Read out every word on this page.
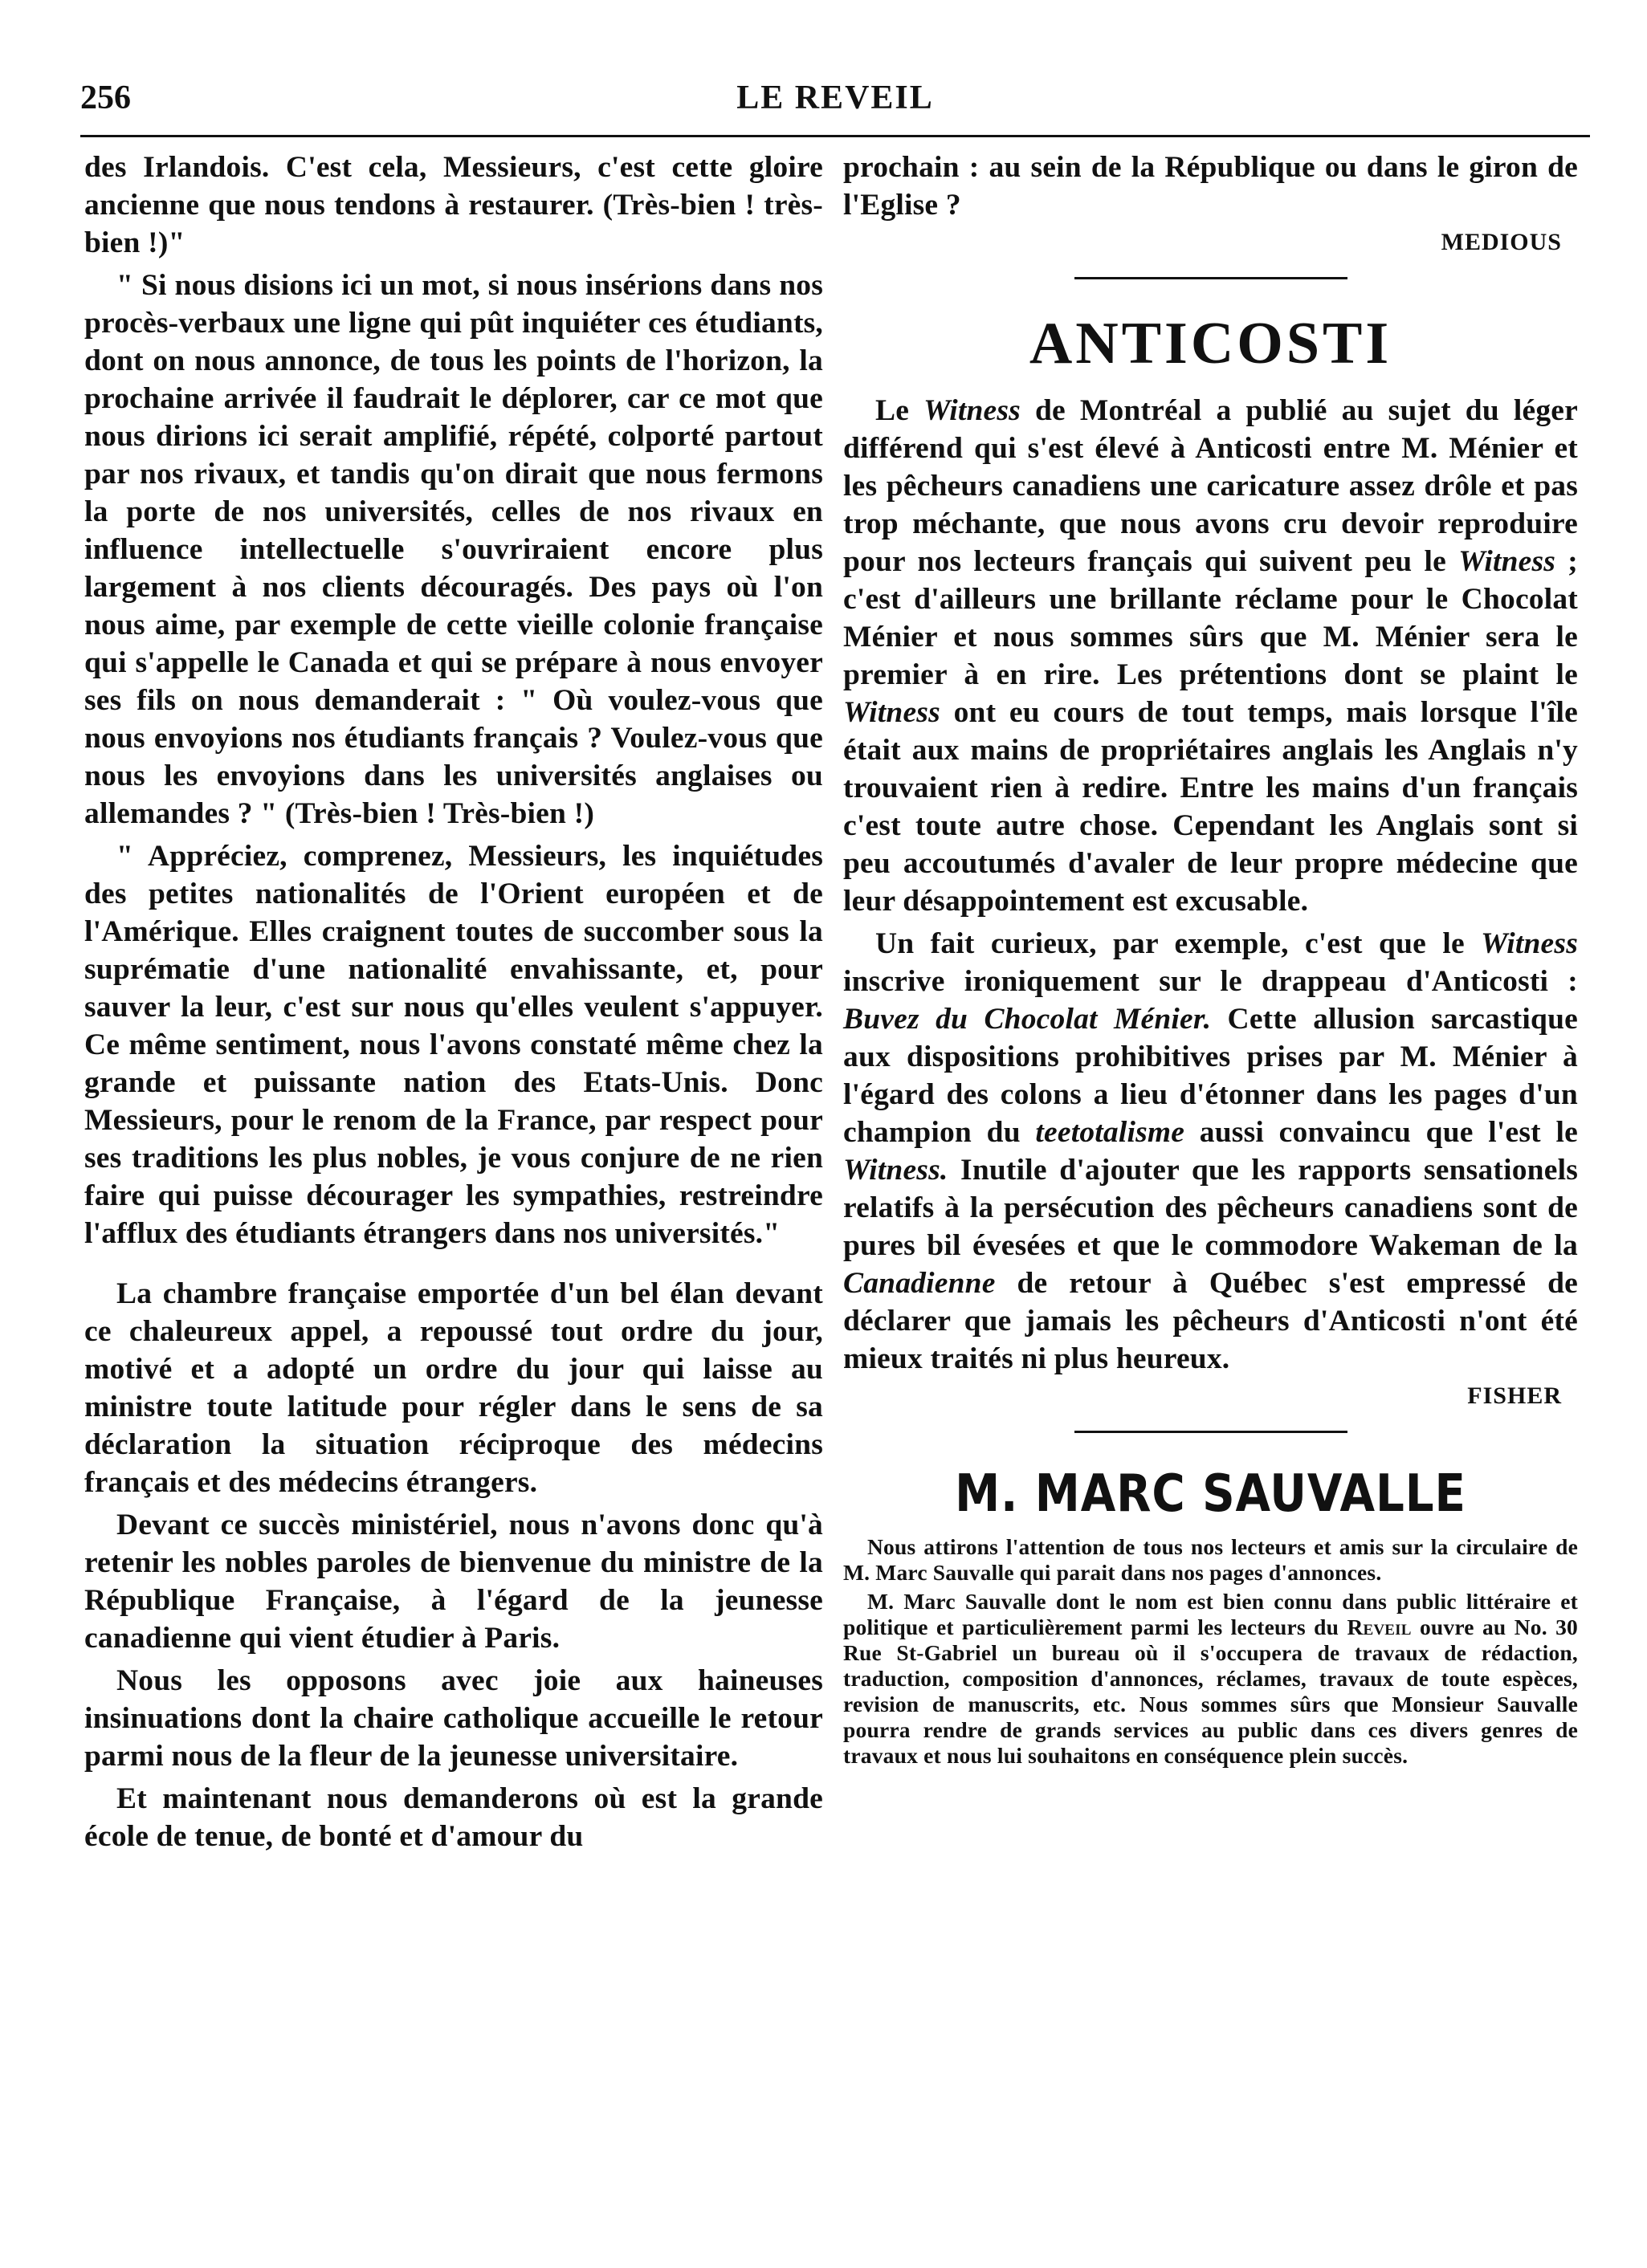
256	LE REVEIL

des Irlandois. C'est cela, Messieurs, c'est cette gloire ancienne que nous tendons à restaurer. (Très-bien ! très-bien !)"

" Si nous disions ici un mot, si nous insérions dans nos procès-verbaux une ligne qui pût inquiéter ces étudiants, dont on nous annonce, de tous les points de l'horizon, la prochaine arrivée il faudrait le déplorer, car ce mot que nous dirions ici serait amplifié, répété, colporté partout par nos rivaux, et tandis qu'on dirait que nous fermons la porte de nos universités, celles de nos rivaux en influence intellectuelle s'ouvriraient encore plus largement à nos clients découragés. Des pays où l'on nous aime, par exemple de cette vieille colonie française qui s'appelle le Canada et qui se prépare à nous envoyer ses fils on nous demanderait : " Où voulez-vous que nous envoyions nos étudiants français ? Voulez-vous que nous les envoyions dans les universités anglaises ou allemandes ? " (Très-bien ! Très-bien !)

" Appréciez, comprenez, Messieurs, les inquiétudes des petites nationalités de l'Orient européen et de l'Amérique. Elles craignent toutes de succomber sous la suprématie d'une nationalité envahissante, et, pour sauver la leur, c'est sur nous qu'elles veulent s'appuyer. Ce même sentiment, nous l'avons constaté même chez la grande et puissante nation des Etats-Unis. Donc Messieurs, pour le renom de la France, par respect pour ses traditions les plus nobles, je vous conjure de ne rien faire qui puisse décourager les sympathies, restreindre l'afflux des étudiants étrangers dans nos universités."

La chambre française emportée d'un bel élan devant ce chaleureux appel, a repoussé tout ordre du jour, motivé et a adopté un ordre du jour qui laisse au ministre toute latitude pour régler dans le sens de sa déclaration la situation réciproque des médecins français et des médecins étrangers.

Devant ce succès ministériel, nous n'avons donc qu'à retenir les nobles paroles de bienvenue du ministre de la République Française, à l'égard de la jeunesse canadienne qui vient étudier à Paris.

Nous les opposons avec joie aux haineuses insinuations dont la chaire catholique accueille le retour parmi nous de la fleur de la jeunesse universitaire.

Et maintenant nous demanderons où est la grande école de tenue, de bonté et d'amour du

prochain : au sein de la République ou dans le giron de l'Eglise ?

MEDIOUS
ANTICOSTI

Le Witness de Montréal a publié au sujet du léger différend qui s'est élevé à Anticosti entre M. Ménier et les pêcheurs canadiens une caricature assez drôle et pas trop méchante, que nous avons cru devoir reproduire pour nos lecteurs français qui suivent peu le Witness ; c'est d'ailleurs une brillante réclame pour le Chocolat Ménier et nous sommes sûrs que M. Ménier sera le premier à en rire. Les prétentions dont se plaint le Witness ont eu cours de tout temps, mais lorsque l'île était aux mains de propriétaires anglais les Anglais n'y trouvaient rien à redire. Entre les mains d'un français c'est toute autre chose. Cependant les Anglais sont si peu accoutumés d'avaler de leur propre médecine que leur désappointement est excusable.

Un fait curieux, par exemple, c'est que le Witness inscrive ironiquement sur le drappeau d'Anticosti : Buvez du Chocolat Ménier. Cette allusion sarcastique aux dispositions prohibitives prises par M. Ménier à l'égard des colons a lieu d'étonner dans les pages d'un champion du teetotalisme aussi convaincu que l'est le Witness. Inutile d'ajouter que les rapports sensationels relatifs à la persécution des pêcheurs canadiens sont de pures bil évesées et que le commodore Wakeman de la Canadienne de retour à Québec s'est empressé de déclarer que jamais les pêcheurs d'Anticosti n'ont été mieux traités ni plus heureux.

FISHER
M. MARC SAUVALLE

Nous attirons l'attention de tous nos lecteurs et amis sur la circulaire de M. Marc Sauvalle qui parait dans nos pages d'annonces.

M. Marc Sauvalle dont le nom est bien connu dans public littéraire et politique et particulièrement parmi les lecteurs du Reveil ouvre au No. 30 Rue St-Gabriel un bureau où il s'occupera de travaux de rédaction, traduction, composition d'annonces, réclames, travaux de toute espèces, revision de manuscrits, etc. Nous sommes sûrs que Monsieur Sauvalle pourra rendre de grands services au public dans ces divers genres de travaux et nous lui souhaitons en conséquence plein succès.
